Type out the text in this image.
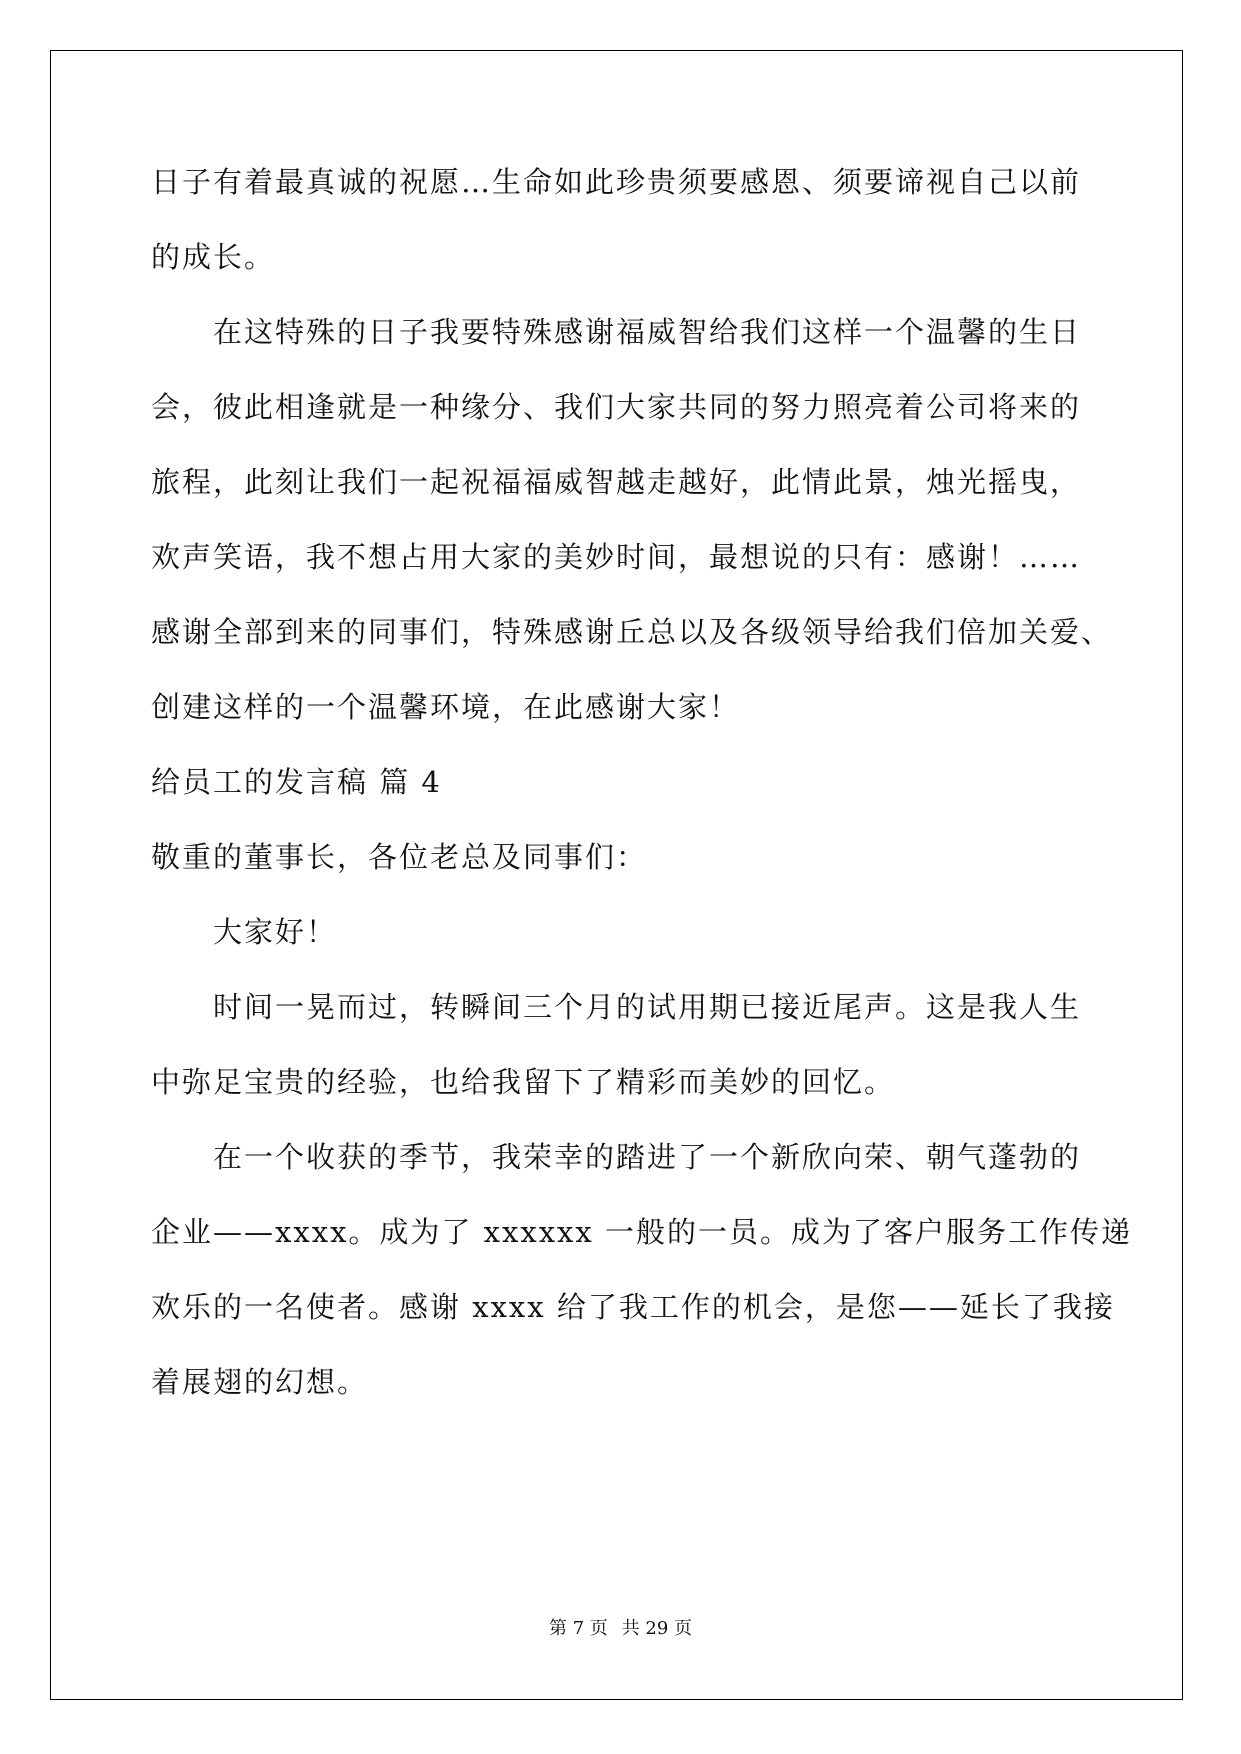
日子有着最真诚的祝愿…生命如此珍贵须要感恩、须要谛视自己以前
的成长。
在这特殊的日子我要特殊感谢福威智给我们这样一个温馨的生日
会，彼此相逢就是一种缘分、我们大家共同的努力照亮着公司将来的
旅程，此刻让我们一起祝福福威智越走越好，此情此景，烛光摇曳，
欢声笑语，我不想占用大家的美妙时间，最想说的只有：感谢！……
感谢全部到来的同事们，特殊感谢丘总以及各级领导给我们倍加关爱、
创建这样的一个温馨环境，在此感谢大家！
给员工的发言稿 篇 4
敬重的董事长，各位老总及同事们：
大家好！
时间一晃而过，转瞬间三个月的试用期已接近尾声。这是我人生
中弥足宝贵的经验，也给我留下了精彩而美妙的回忆。
在一个收获的季节，我荣幸的踏进了一个新欣向荣、朝气蓬勃的
企业——xxxx。成为了 xxxxxx 一般的一员。成为了客户服务工作传递
欢乐的一名使者。感谢 xxxx 给了我工作的机会，是您——延长了我接
着展翅的幻想。
第 7 页 共 29 页
